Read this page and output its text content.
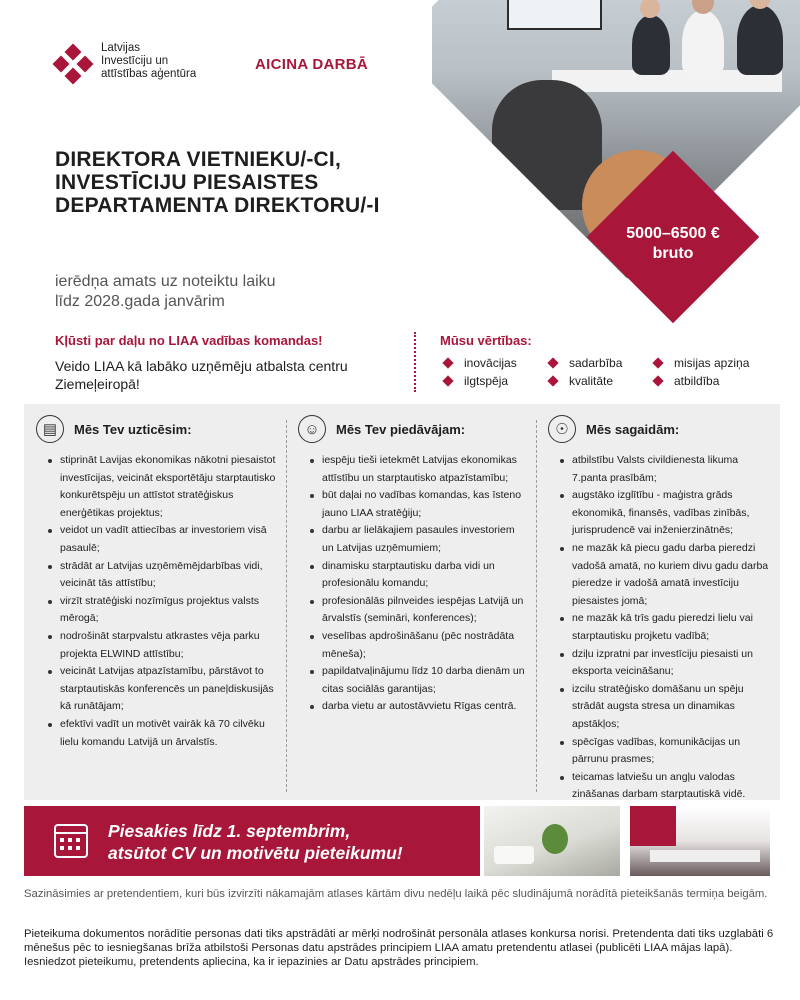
Latvijas
Investīciju un
attīstības aģentūra
AICINA DARBĀ
5000–6500 €
bruto
DIREKTORA VIETNIEKU/-CI,
INVESTĪCIJU PIESAISTES
DEPARTAMENTA DIREKTORU/-I
ierēdņa amats uz noteiktu laiku
līdz 2028.gada janvārim
Kļūsti par daļu no LIAA vadības komandas!
Veido LIAA kā labāko uzņēmēju atbalsta centru Ziemeļeiropā!
Mūsu vērtības:
inovācijas	sadarbība	misijas apziņa
ilgtspēja	kvalitāte	atbildība
▤	Mēs Tev uzticēsim:
stiprināt Lavijas ekonomikas nākotni piesaistot investīcijas, veicināt eksportētāju starptautisko konkurētspēju un attīstot stratēģiskus enerģētikas projektus;
veidot un vadīt attiecības ar investoriem visā pasaulē;
strādāt ar Latvijas uzņēmēmējdarbības vidi, veicināt tās attīstību;
virzīt stratēģiski nozīmīgus projektus valsts mērogā;
nodrošināt starpvalstu atkrastes vēja parku projekta ELWIND attīstību;
veicināt Latvijas atpazīstamību, pārstāvot to starptautiskās konferencēs un paneļdiskusijās kā runātājam;
efektīvi vadīt un motivēt vairāk kā 70 cilvēku lielu komandu Latvijā un ārvalstīs.
☺	Mēs Tev piedāvājam:
iespēju tieši ietekmēt Latvijas ekonomikas attīstību un starptautisko atpazīstamību;
būt daļai no vadības komandas, kas īsteno jauno LIAA stratēģiju;
darbu ar lielākajiem pasaules investoriem un Latvijas uzņēmumiem;
dinamisku starptautisku darba vidi un profesionālu komandu;
profesionālās pilnveides iespējas Latvijā un ārvalstīs (semināri, konferences);
veselības apdrošināšanu (pēc nostrādāta mēneša);
papildatvaļinājumu līdz 10 darba dienām un citas sociālās garantijas;
darba vietu ar autostāvvietu Rīgas centrā.
☉	Mēs sagaidām:
atbilstību Valsts civildienesta likuma 7.panta prasībām;
augstāko izglītību - maģistra grāds ekonomikā, finansēs, vadības zinībās, jurisprudencē vai inženierzinātnēs;
ne mazāk kā piecu gadu darba pieredzi vadošā amatā, no kuriem divu gadu darba pieredze ir vadošā amatā investīciju piesaistes jomā;
ne mazāk kā trīs gadu pieredzi lielu vai starptautisku projketu vadībā;
dziļu izpratni par investīciju piesaisti un eksporta veicināšanu;
izcilu stratēģisko domāšanu un spēju strādāt augsta stresa un dinamikas apstākļos;
spēcīgas vadības, komunikācijas un pārrunu prasmes;
teicamas latviešu un angļu valodas zināšanas darbam starptautiskā vidē.
Piesakies līdz 1. septembrim,
atsūtot CV un motivētu pieteikumu!
Sazināsimies ar pretendentiem, kuri būs izvirzīti nākamajām atlases kārtām divu nedēļu laikā pēc sludinājumā norādītā pieteikšanās termiņa beigām.
Pieteikuma dokumentos norādītie personas dati tiks apstrādāti ar mērķi nodrošināt personāla atlases konkursa norisi. Pretendenta dati tiks uzglabāti 6 mēnešus pēc to iesniegšanas brīža atbilstoši Personas datu apstrādes principiem LIAA amatu pretendentu atlasei (publicēti LIAA mājas lapā). Iesniedzot pieteikumu, pretendents apliecina, ka ir iepazinies ar Datu apstrādes principiem.
